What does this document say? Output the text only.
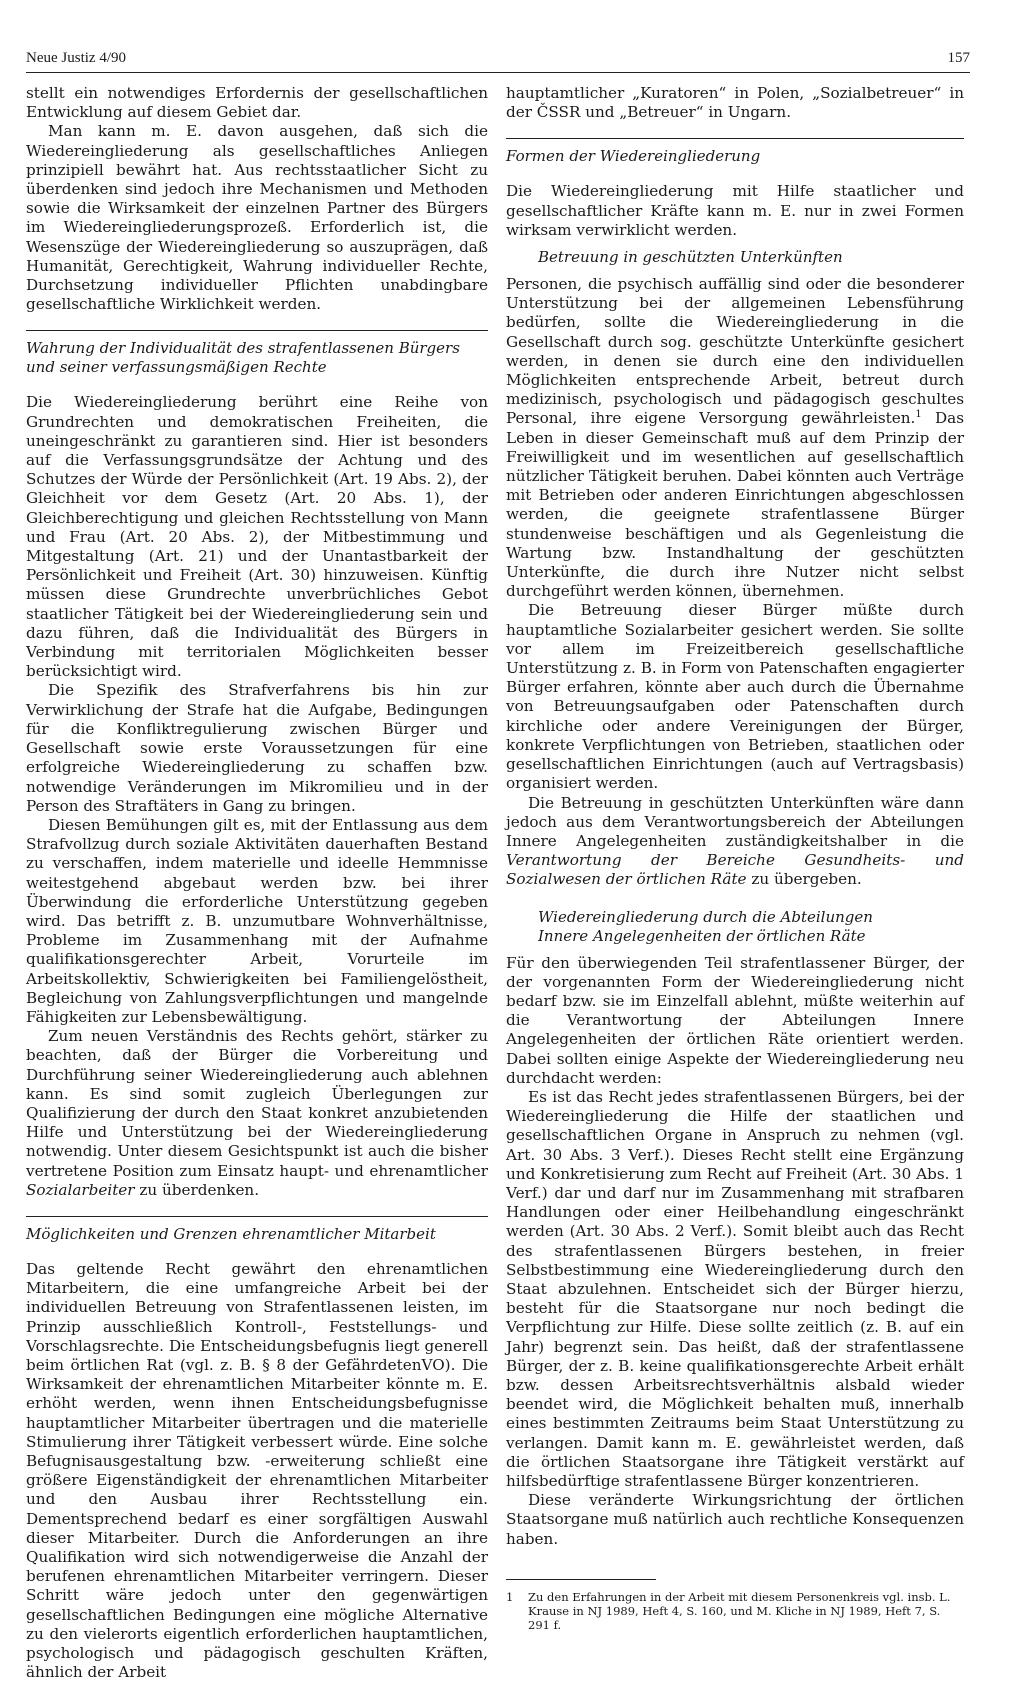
Neue Justiz 4/90	157

stellt ein notwendiges Erfordernis der gesellschaftlichen Entwicklung auf diesem Gebiet dar.

Man kann m. E. davon ausgehen, daß sich die Wiedereingliederung als gesellschaftliches Anliegen prinzipiell bewährt hat. Aus rechtsstaatlicher Sicht zu überdenken sind jedoch ihre Mechanismen und Methoden sowie die Wirksamkeit der einzelnen Partner des Bürgers im Wiedereingliederungsprozeß. Erforderlich ist, die Wesenszüge der Wiedereingliederung so auszuprägen, daß Humanität, Gerechtigkeit, Wahrung individueller Rechte, Durchsetzung individueller Pflichten unabdingbare gesellschaftliche Wirklichkeit werden.

Wahrung der Individualität des strafentlassenen Bürgers
und seiner verfassungsmäßigen Rechte

Die Wiedereingliederung berührt eine Reihe von Grundrechten und demokratischen Freiheiten, die uneingeschränkt zu garantieren sind. Hier ist besonders auf die Verfassungsgrundsätze der Achtung und des Schutzes der Würde der Persönlichkeit (Art. 19 Abs. 2), der Gleichheit vor dem Gesetz (Art. 20 Abs. 1), der Gleichberechtigung und gleichen Rechtsstellung von Mann und Frau (Art. 20 Abs. 2), der Mitbestimmung und Mitgestaltung (Art. 21) und der Unantastbarkeit der Persönlichkeit und Freiheit (Art. 30) hinzuweisen. Künftig müssen diese Grundrechte unverbrüchliches Gebot staatlicher Tätigkeit bei der Wiedereingliederung sein und dazu führen, daß die Individualität des Bürgers in Verbindung mit territorialen Möglichkeiten besser berücksichtigt wird.

Die Spezifik des Strafverfahrens bis hin zur Verwirklichung der Strafe hat die Aufgabe, Bedingungen für die Konfliktregulierung zwischen Bürger und Gesellschaft sowie erste Voraussetzungen für eine erfolgreiche Wiedereingliederung zu schaffen bzw. notwendige Veränderungen im Mikromilieu und in der Person des Straftäters in Gang zu bringen.

Diesen Bemühungen gilt es, mit der Entlassung aus dem Strafvollzug durch soziale Aktivitäten dauerhaften Bestand zu verschaffen, indem materielle und ideelle Hemmnisse weitestgehend abgebaut werden bzw. bei ihrer Überwindung die erforderliche Unterstützung gegeben wird. Das betrifft z. B. unzumutbare Wohnverhältnisse, Probleme im Zusammenhang mit der Aufnahme qualifikationsgerechter Arbeit, Vorurteile im Arbeitskollektiv, Schwierigkeiten bei Familiengelöstheit, Begleichung von Zahlungsverpflichtungen und mangelnde Fähigkeiten zur Lebensbewältigung.

Zum neuen Verständnis des Rechts gehört, stärker zu beachten, daß der Bürger die Vorbereitung und Durchführung seiner Wiedereingliederung auch ablehnen kann. Es sind somit zugleich Überlegungen zur Qualifizierung der durch den Staat konkret anzubietenden Hilfe und Unterstützung bei der Wiedereingliederung notwendig. Unter diesem Gesichtspunkt ist auch die bisher vertretene Position zum Einsatz haupt- und ehrenamtlicher Sozialarbeiter zu überdenken.

Möglichkeiten und Grenzen ehrenamtlicher Mitarbeit

Das geltende Recht gewährt den ehrenamtlichen Mitarbeitern, die eine umfangreiche Arbeit bei der individuellen Betreuung von Strafentlassenen leisten, im Prinzip ausschließlich Kontroll-, Feststellungs- und Vorschlagsrechte. Die Entscheidungsbefugnis liegt generell beim örtlichen Rat (vgl. z. B. § 8 der GefährdetenVO). Die Wirksamkeit der ehrenamtlichen Mitarbeiter könnte m. E. erhöht werden, wenn ihnen Entscheidungsbefugnisse hauptamtlicher Mitarbeiter übertragen und die materielle Stimulierung ihrer Tätigkeit verbessert würde. Eine solche Befugnisausgestaltung bzw. -erweiterung schließt eine größere Eigenständigkeit der ehrenamtlichen Mitarbeiter und den Ausbau ihrer Rechtsstellung ein. Dementsprechend bedarf es einer sorgfältigen Auswahl dieser Mitarbeiter. Durch die Anforderungen an ihre Qualifikation wird sich notwendigerweise die Anzahl der berufenen ehrenamtlichen Mitarbeiter verringern. Dieser Schritt wäre jedoch unter den gegenwärtigen gesellschaftlichen Bedingungen eine mögliche Alternative zu den vielerorts eigentlich erforderlichen hauptamtlichen, psychologisch und pädagogisch geschulten Kräften, ähnlich der Arbeit

hauptamtlicher „Kuratoren“ in Polen, „Sozialbetreuer“ in der ČSSR und „Betreuer“ in Ungarn.

Formen der Wiedereingliederung

Die Wiedereingliederung mit Hilfe staatlicher und gesellschaftlicher Kräfte kann m. E. nur in zwei Formen wirksam verwirklicht werden.

Betreuung in geschützten Unterkünften

Personen, die psychisch auffällig sind oder die besonderer Unterstützung bei der allgemeinen Lebensführung bedürfen, sollte die Wiedereingliederung in die Gesellschaft durch sog. geschützte Unterkünfte gesichert werden, in denen sie durch eine den individuellen Möglichkeiten entsprechende Arbeit, betreut durch medizinisch, psychologisch und pädagogisch geschultes Personal, ihre eigene Versorgung gewährleisten.$^1$ Das Leben in dieser Gemeinschaft muß auf dem Prinzip der Freiwilligkeit und im wesentlichen auf gesellschaftlich nützlicher Tätigkeit beruhen. Dabei könnten auch Verträge mit Betrieben oder anderen Einrichtungen abgeschlossen werden, die geeignete strafentlassene Bürger stundenweise beschäftigen und als Gegenleistung die Wartung bzw. Instandhaltung der geschützten Unterkünfte, die durch ihre Nutzer nicht selbst durchgeführt werden können, übernehmen.

Die Betreuung dieser Bürger müßte durch hauptamtliche Sozialarbeiter gesichert werden. Sie sollte vor allem im Freizeitbereich gesellschaftliche Unterstützung z. B. in Form von Patenschaften engagierter Bürger erfahren, könnte aber auch durch die Übernahme von Betreuungsaufgaben oder Patenschaften durch kirchliche oder andere Vereinigungen der Bürger, konkrete Verpflichtungen von Betrieben, staatlichen oder gesellschaftlichen Einrichtungen (auch auf Vertragsbasis) organisiert werden.

Die Betreuung in geschützten Unterkünften wäre dann jedoch aus dem Verantwortungsbereich der Abteilungen Innere Angelegenheiten zuständigkeitshalber in die Verantwortung der Bereiche Gesundheits- und Sozialwesen der örtlichen Räte zu übergeben.

Wiedereingliederung durch die Abteilungen
Innere Angelegenheiten der örtlichen Räte

Für den überwiegenden Teil strafentlassener Bürger, der der vorgenannten Form der Wiedereingliederung nicht bedarf bzw. sie im Einzelfall ablehnt, müßte weiterhin auf die Verantwortung der Abteilungen Innere Angelegenheiten der örtlichen Räte orientiert werden. Dabei sollten einige Aspekte der Wiedereingliederung neu durchdacht werden:

Es ist das Recht jedes strafentlassenen Bürgers, bei der Wiedereingliederung die Hilfe der staatlichen und gesellschaftlichen Organe in Anspruch zu nehmen (vgl. Art. 30 Abs. 3 Verf.). Dieses Recht stellt eine Ergänzung und Konkretisierung zum Recht auf Freiheit (Art. 30 Abs. 1 Verf.) dar und darf nur im Zusammenhang mit strafbaren Handlungen oder einer Heilbehandlung eingeschränkt werden (Art. 30 Abs. 2 Verf.). Somit bleibt auch das Recht des strafentlassenen Bürgers bestehen, in freier Selbstbestimmung eine Wiedereingliederung durch den Staat abzulehnen. Entscheidet sich der Bürger hierzu, besteht für die Staatsorgane nur noch bedingt die Verpflichtung zur Hilfe. Diese sollte zeitlich (z. B. auf ein Jahr) begrenzt sein. Das heißt, daß der strafentlassene Bürger, der z. B. keine qualifikationsgerechte Arbeit erhält bzw. dessen Arbeitsrechtsverhältnis alsbald wieder beendet wird, die Möglichkeit behalten muß, innerhalb eines bestimmten Zeitraums beim Staat Unterstützung zu verlangen. Damit kann m. E. gewährleistet werden, daß die örtlichen Staatsorgane ihre Tätigkeit verstärkt auf hilfsbedürftige strafentlassene Bürger konzentrieren.

Diese veränderte Wirkungsrichtung der örtlichen Staatsorgane muß natürlich auch rechtliche Konsequenzen haben.

1 Zu den Erfahrungen in der Arbeit mit diesem Personenkreis vgl. insb. L. Krause in NJ 1989, Heft 4, S. 160, und M. Kliche in NJ 1989, Heft 7, S. 291 f.
